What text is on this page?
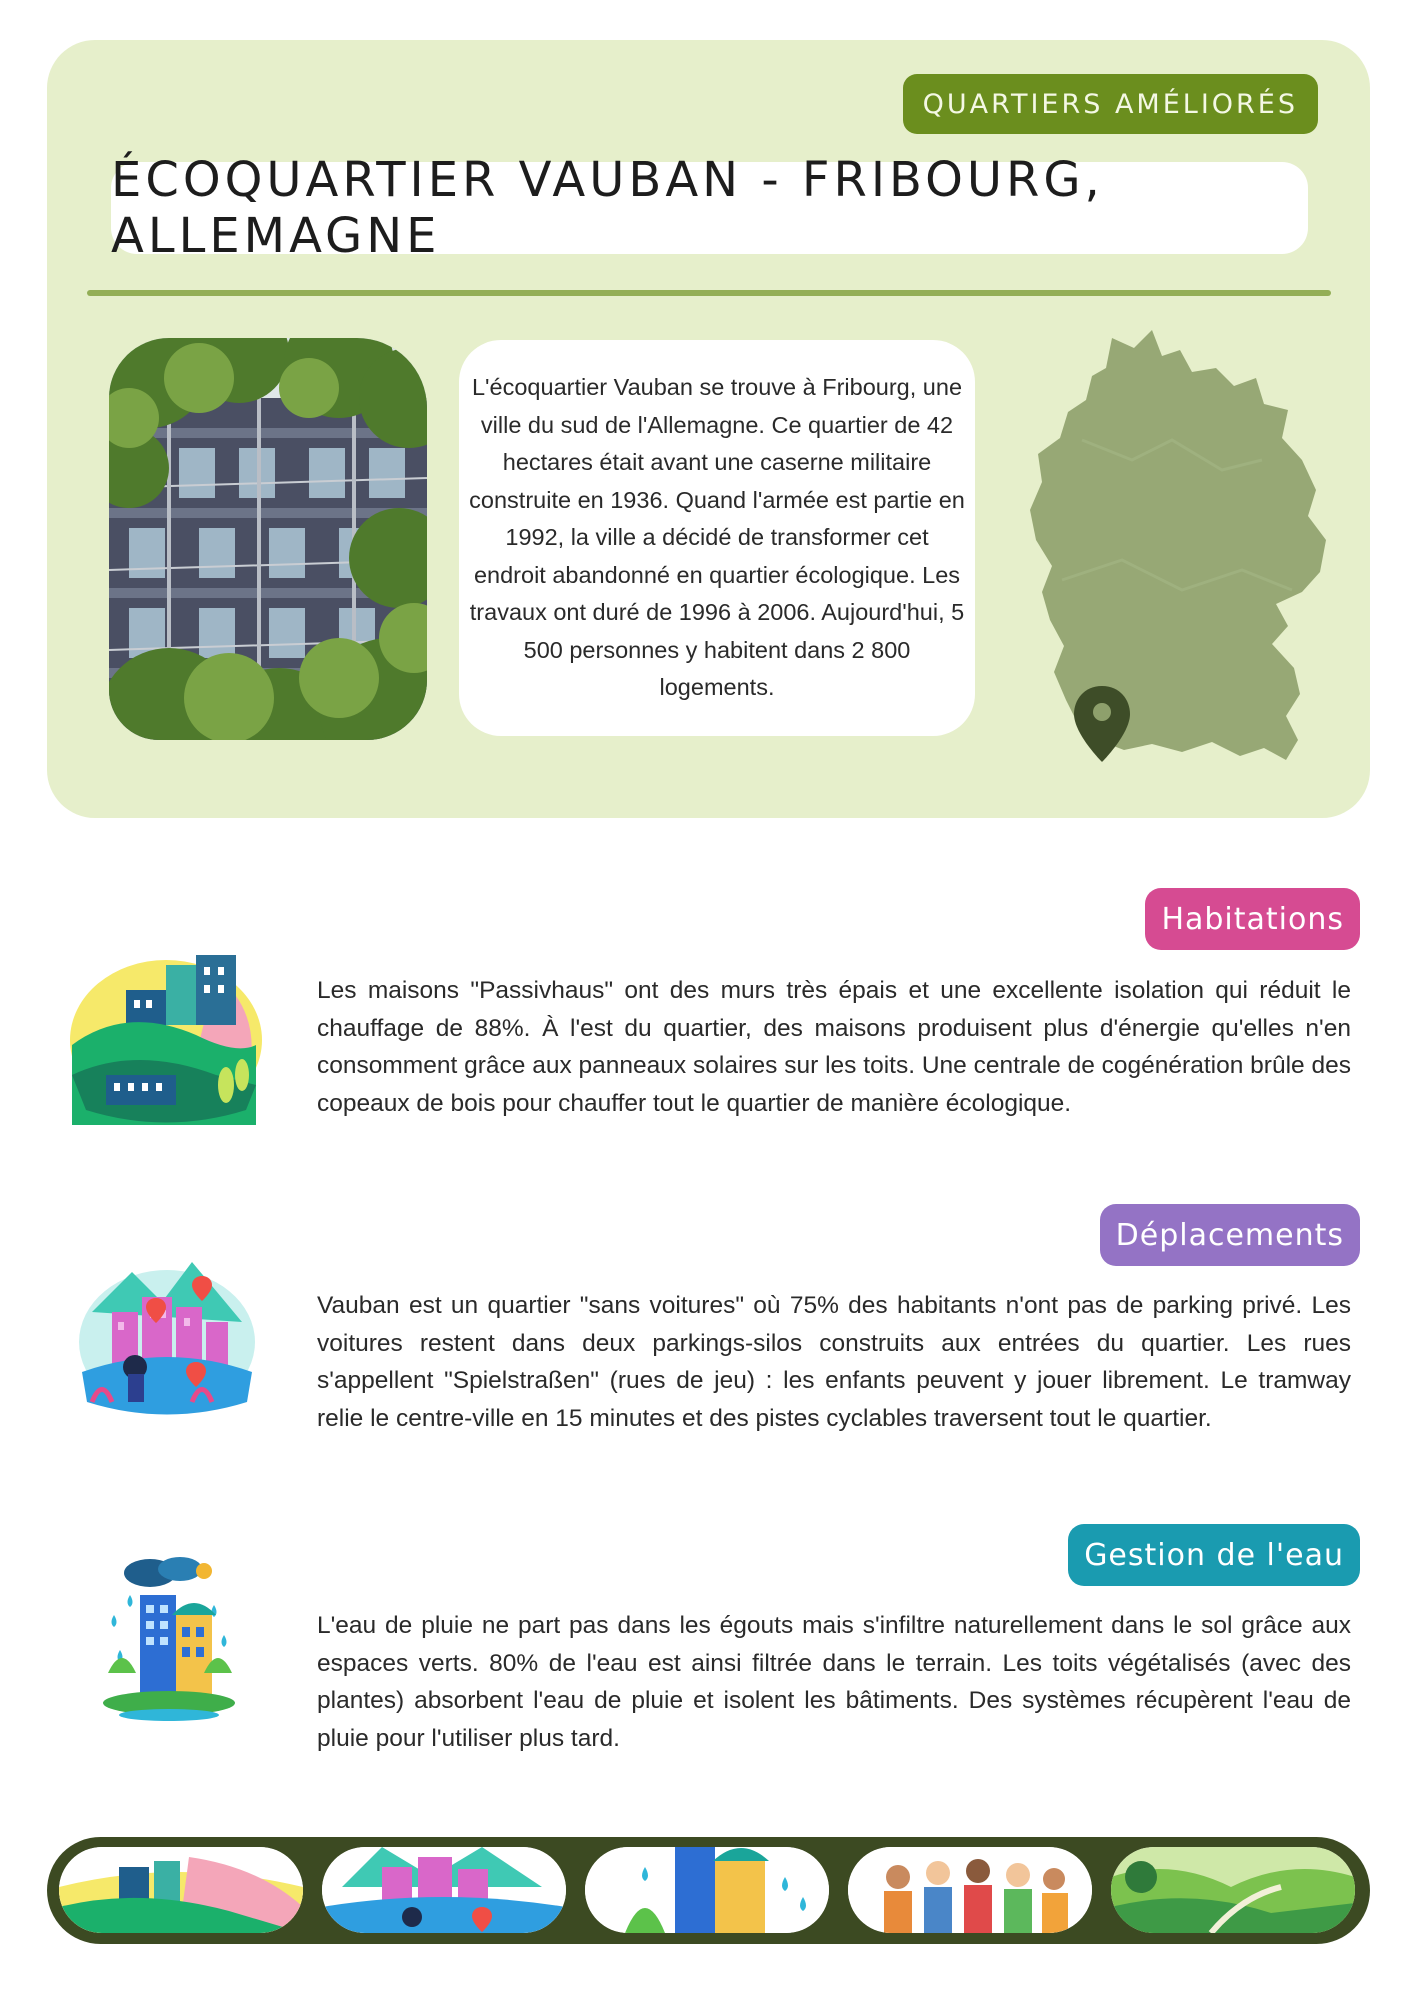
QUARTIERS AMÉLIORÉS
ÉCOQUARTIER VAUBAN - FRIBOURG, ALLEMAGNE

L'écoquartier Vauban se trouve à Fribourg, une ville du sud de l'Allemagne. Ce quartier de 42 hectares était avant une caserne militaire construite en 1936. Quand l'armée est partie en 1992, la ville a décidé de transformer cet endroit abandonné en quartier écologique. Les travaux ont duré de 1996 à 2006. Aujourd'hui, 5 500 personnes y habitent dans 2 800 logements.

Habitations

Les maisons "Passivhaus" ont des murs très épais et une excellente isolation qui réduit le chauffage de 88%. À l'est du quartier, des maisons produisent plus d'énergie qu'elles n'en consomment grâce aux panneaux solaires sur les toits. Une centrale de cogénération brûle des copeaux de bois pour chauffer tout le quartier de manière écologique.

Déplacements

Vauban est un quartier "sans voitures" où 75% des habitants n'ont pas de parking privé. Les voitures restent dans deux parkings-silos construits aux entrées du quartier. Les rues s'appellent "Spielstraßen" (rues de jeu) : les enfants peuvent y jouer librement. Le tramway relie le centre-ville en 15 minutes et des pistes cyclables traversent tout le quartier.

Gestion de l'eau

L'eau de pluie ne part pas dans les égouts mais s'infiltre naturellement dans le sol grâce aux espaces verts. 80% de l'eau est ainsi filtrée dans le terrain. Les toits végétalisés (avec des plantes) absorbent l'eau de pluie et isolent les bâtiments. Des systèmes récupèrent l'eau de pluie pour l'utiliser plus tard.
